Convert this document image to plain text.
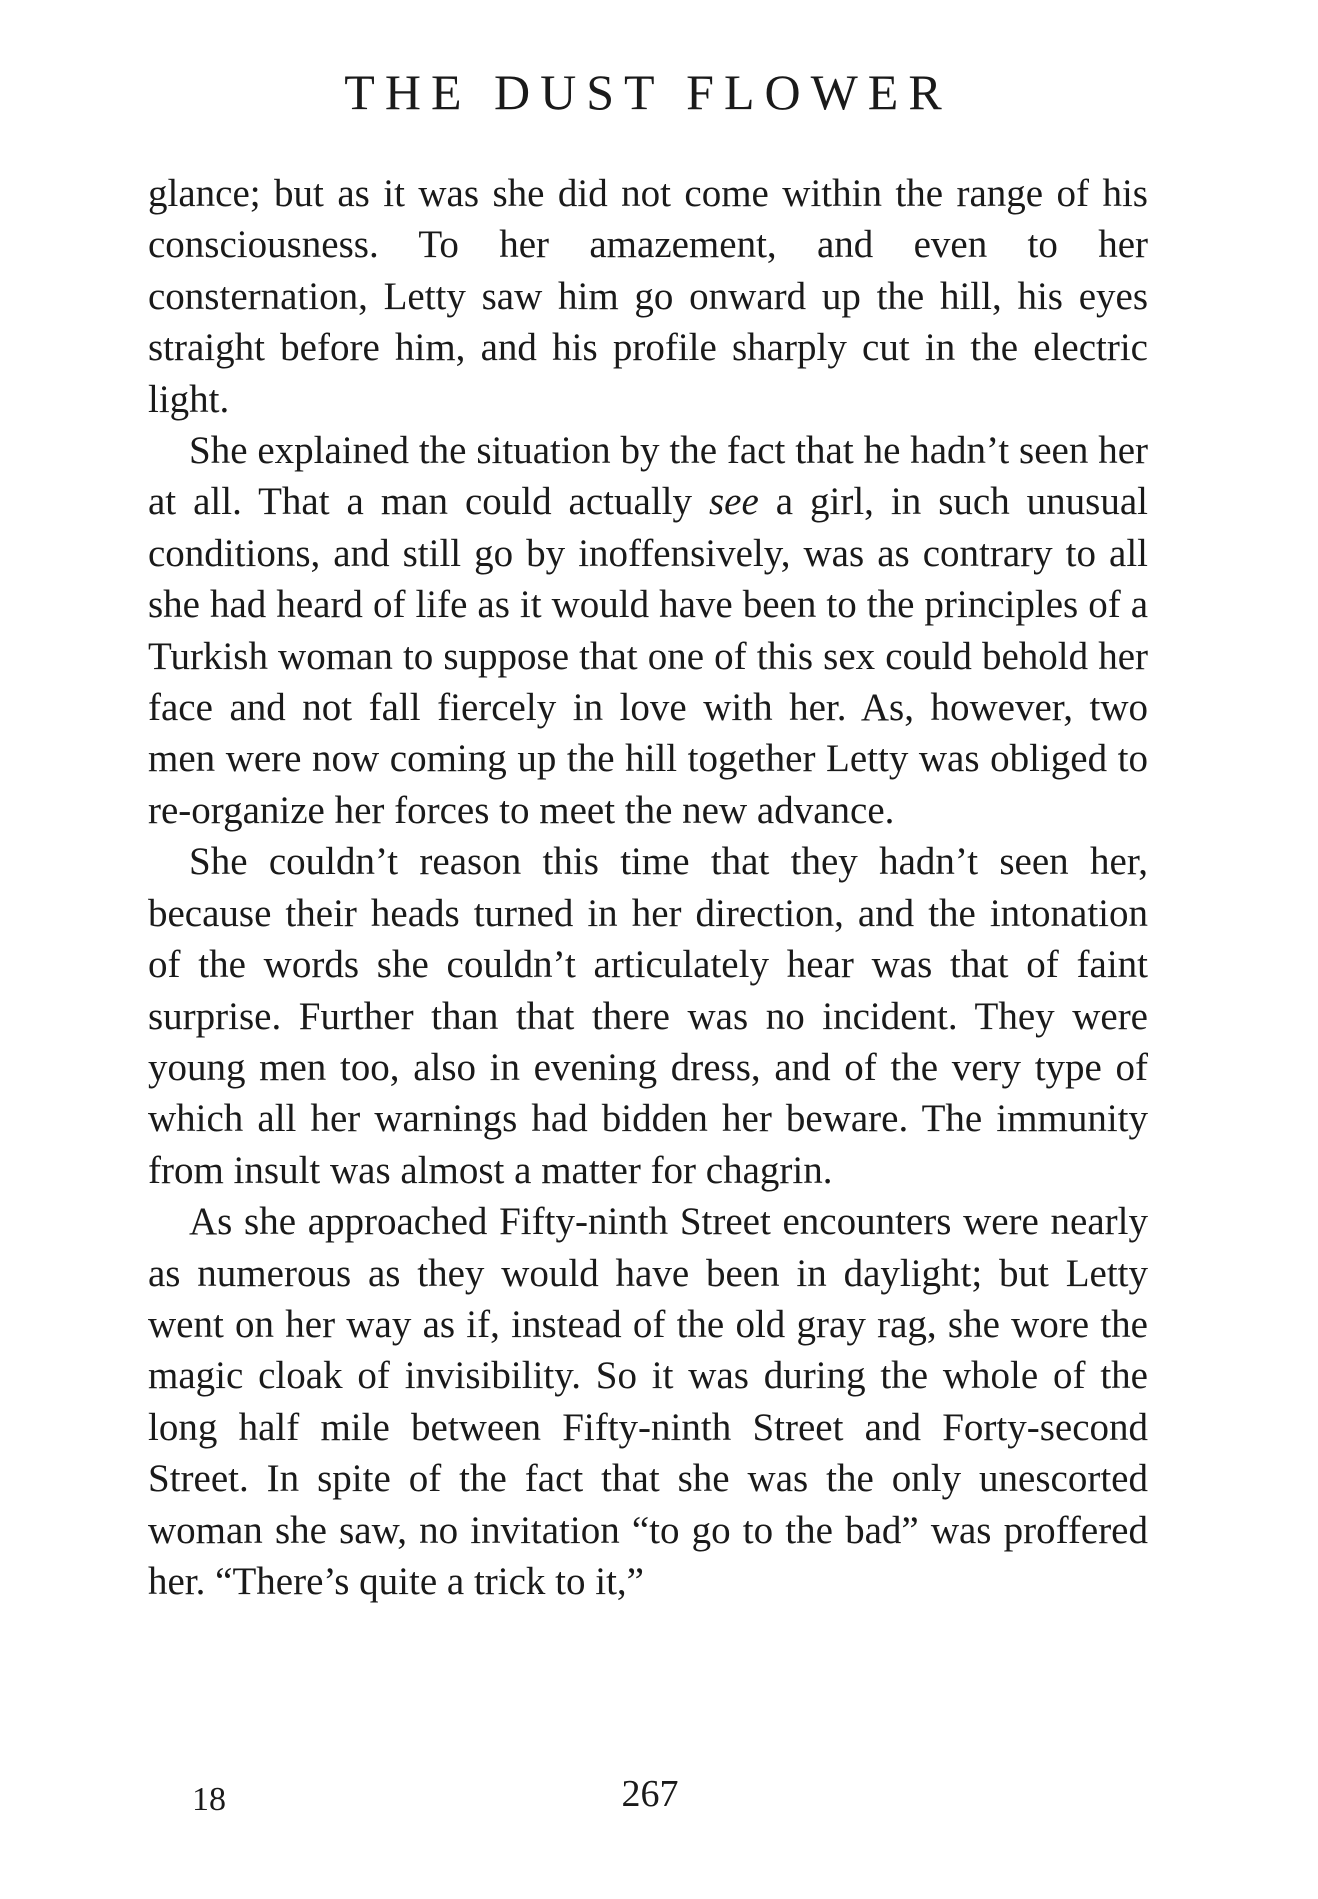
THE DUST FLOWER

glance; but as it was she did not come within the range of his consciousness. To her amazement, and even to her consternation, Letty saw him go onward up the hill, his eyes straight before him, and his profile sharply cut in the electric light.

She explained the situation by the fact that he hadn’t seen her at all. That a man could actually see a girl, in such unusual conditions, and still go by inoffensively, was as contrary to all she had heard of life as it would have been to the principles of a Turkish woman to suppose that one of this sex could behold her face and not fall fiercely in love with her. As, however, two men were now coming up the hill together Letty was obliged to re-organize her forces to meet the new advance.

She couldn’t reason this time that they hadn’t seen her, because their heads turned in her direction, and the intonation of the words she couldn’t articulately hear was that of faint surprise. Further than that there was no incident. They were young men too, also in evening dress, and of the very type of which all her warnings had bidden her beware. The immunity from insult was almost a matter for chagrin.

As she approached Fifty-ninth Street encounters were nearly as numerous as they would have been in daylight; but Letty went on her way as if, instead of the old gray rag, she wore the magic cloak of invisibility. So it was during the whole of the long half mile between Fifty-ninth Street and Forty-second Street. In spite of the fact that she was the only unescorted woman she saw, no invitation “to go to the bad” was proffered her. “There’s quite a trick to it,”

18	267
